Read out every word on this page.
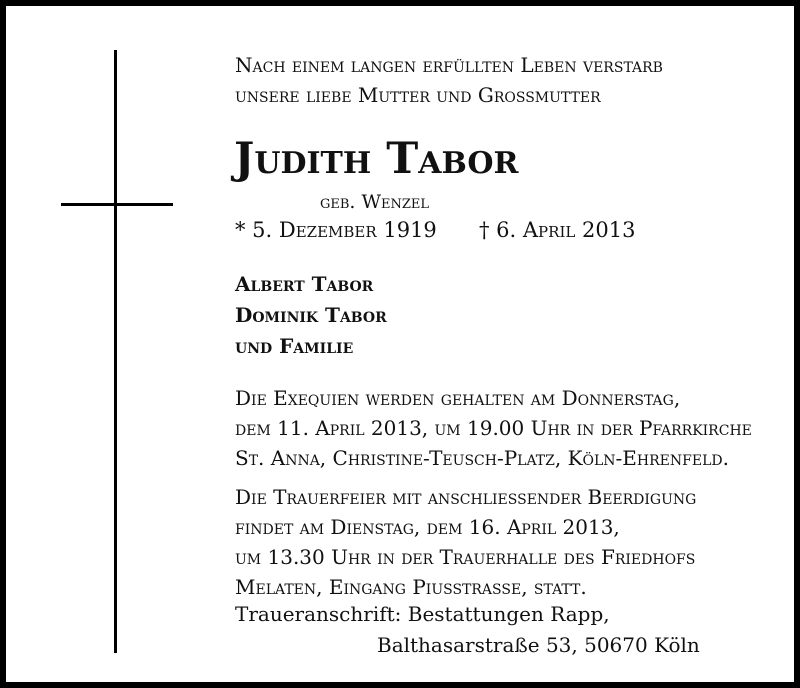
Nach einem langen erfüllten Leben verstarb
unsere liebe Mutter und Grossmutter
Judith Tabor
geb. Wenzel
* 5. Dezember 1919 † 6. April 2013
Albert Tabor
Dominik Tabor
und Familie
Die Exequien werden gehalten am Donnerstag,
dem 11. April 2013, um 19.00 Uhr in der Pfarrkirche
St. Anna, Christine-Teusch-Platz, Köln-Ehrenfeld.
Die Trauerfeier mit anschliessender Beerdigung
findet am Dienstag, dem 16. April 2013,
um 13.30 Uhr in der Trauerhalle des Friedhofs
Melaten, Eingang Piusstrasse, statt.
Traueranschrift: Bestattungen Rapp,
Balthasarstraße 53, 50670 Köln
